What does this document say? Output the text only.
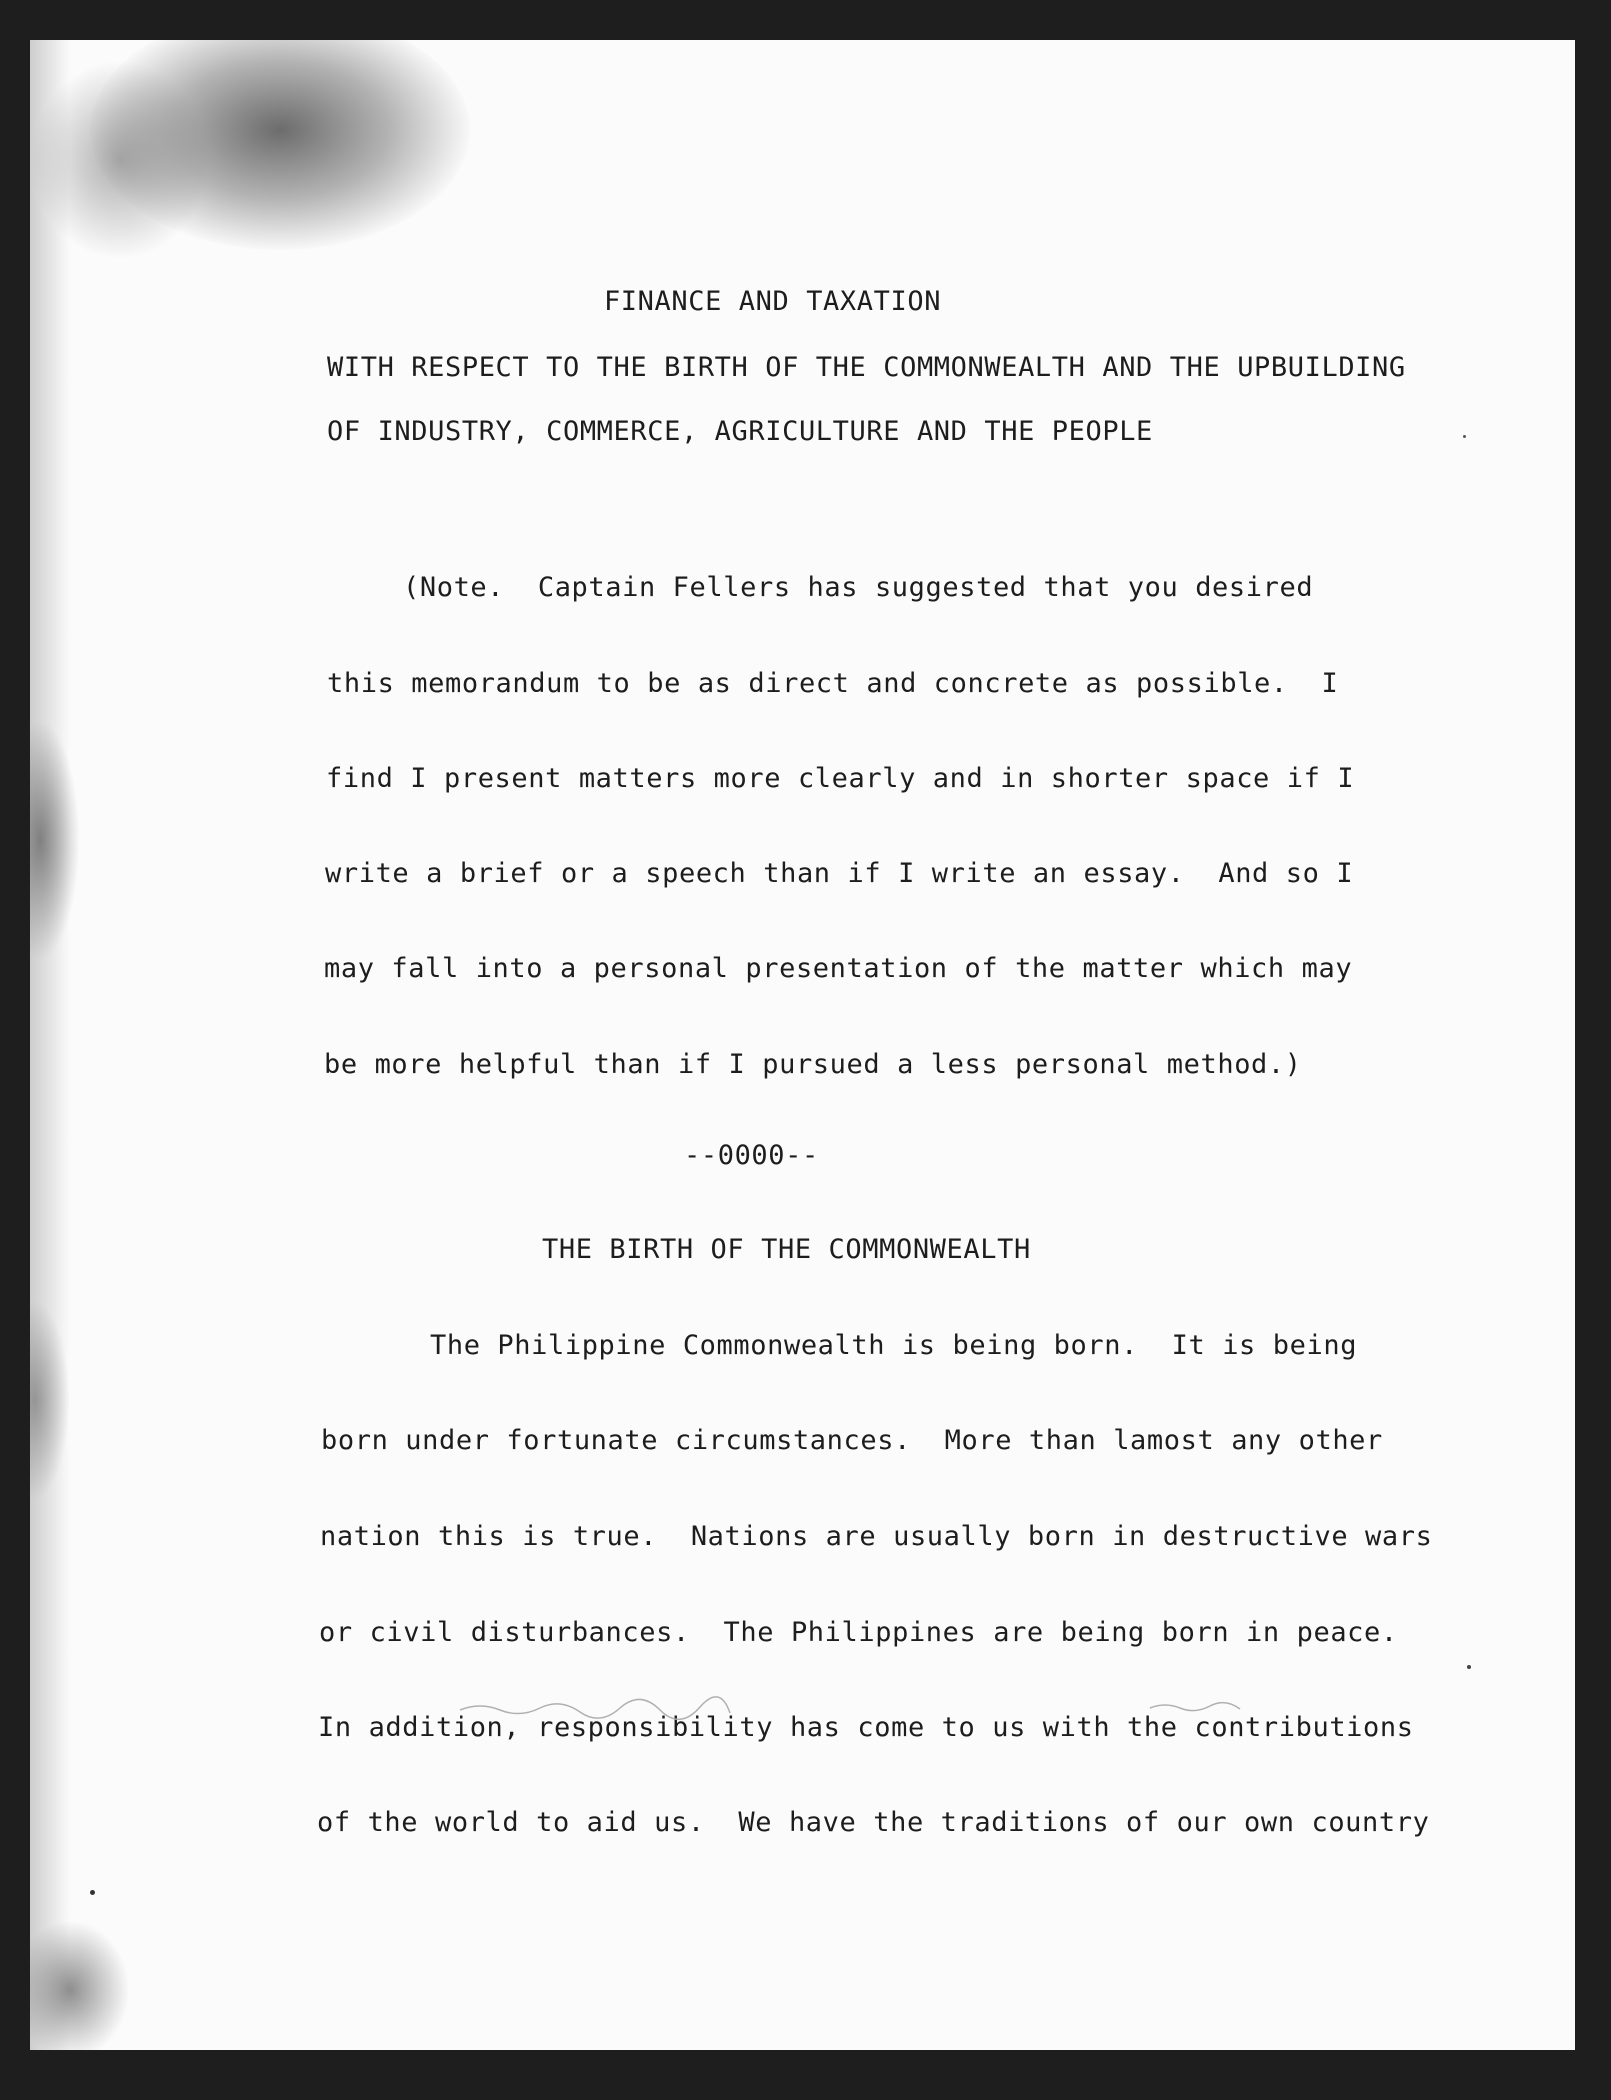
FINANCE AND TAXATION
WITH RESPECT TO THE BIRTH OF THE COMMONWEALTH AND THE UPBUILDING
OF INDUSTRY, COMMERCE, AGRICULTURE AND THE PEOPLE
(Note.  Captain Fellers has suggested that you desired
this memorandum to be as direct and concrete as possible.  I
find I present matters more clearly and in shorter space if I
write a brief or a speech than if I write an essay.  And so I
may fall into a personal presentation of the matter which may
be more helpful than if I pursued a less personal method.)
--0000--
THE BIRTH OF THE COMMONWEALTH
The Philippine Commonwealth is being born.  It is being
born under fortunate circumstances.  More than lamost any other
nation this is true.  Nations are usually born in destructive wars
or civil disturbances.  The Philippines are being born in peace.
In addition, responsibility has come to us with the contributions
of the world to aid us.  We have the traditions of our own country
